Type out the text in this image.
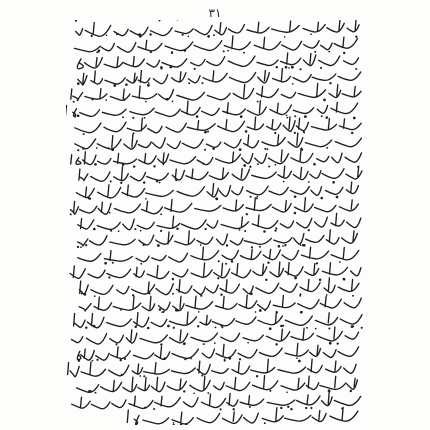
۳۱
